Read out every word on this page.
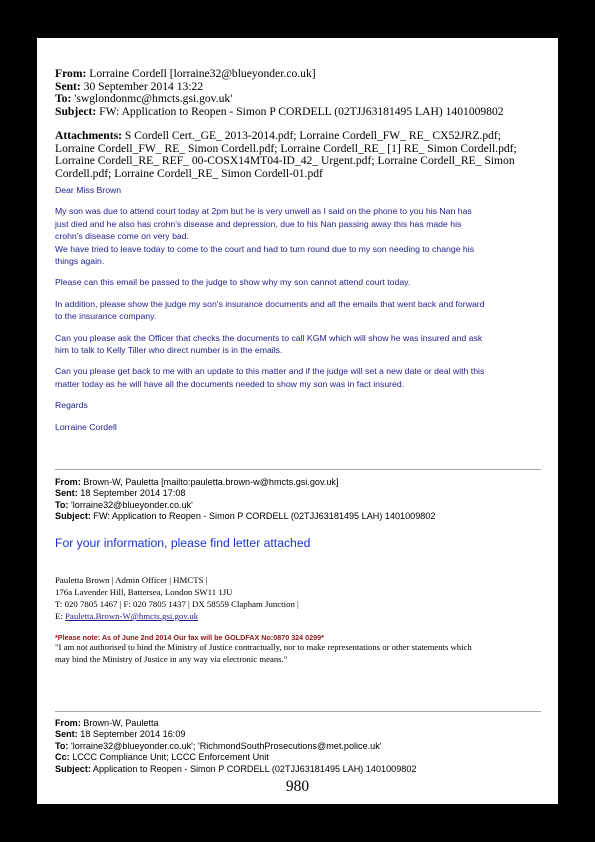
From: Lorraine Cordell [lorraine32@blueyonder.co.uk]
Sent: 30 September 2014 13:22
To: 'swglondonmc@hmcts.gsi.gov.uk'
Subject: FW: Application to Reopen - Simon P CORDELL (02TJJ63181495 LAH) 1401009802
Attachments: S Cordell Cert._GE_ 2013-2014.pdf; Lorraine Cordell_FW_ RE_ CX52JRZ.pdf;
Lorraine Cordell_FW_ RE_ Simon Cordell.pdf; Lorraine Cordell_RE_ [1] RE_ Simon Cordell.pdf;
Lorraine Cordell_RE_ REF_ 00-COSX14MT04-ID_42_ Urgent.pdf; Lorraine Cordell_RE_ Simon
Cordell.pdf; Lorraine Cordell_RE_ Simon Cordell-01.pdf

Dear Miss Brown

My son was due to attend court today at 2pm but he is very unwell as I said on the phone to you his Nan has

just died and he also has crohn's disease and depression, due to his Nan passing away this has made his

crohn's disease come on very bad.

We have tried to leave today to come to the court and had to turn round due to my son needing to change his

things again.

Please can this email be passed to the judge to show why my son cannot attend court today.

In addition, please show the judge my son's insurance documents and all the emails that went back and forward

to the insurance company.

Can you please ask the Officer that checks the documents to call KGM which will show he was insured and ask

him to talk to Kelly Tiller who direct number is in the emails.

Can you please get back to me with an update to this matter and if the judge will set a new date or deal with this

matter today as he will have all the documents needed to show my son was in fact insured.

Regards

Lorraine Cordell

From: Brown-W, Pauletta [mailto:pauletta.brown-w@hmcts.gsi.gov.uk]
Sent: 18 September 2014 17:08
To: 'lorraine32@blueyonder.co.uk'
Subject: FW: Application to Reopen - Simon P CORDELL (02TJJ63181495 LAH) 1401009802
For your information, please find letter attached
Pauletta Brown | Admin Officer | HMCTS |
176a Lavender Hill, Battersea, London SW11 1JU
T: 020 7805 1467 | F: 020 7805 1437 | DX 58559 Clapham Junction |
E: Pauletta.Brown-W@hmcts.gsi.gov.uk
*Please note: As of June 2nd 2014 Our fax will be GOLDFAX No:0870 324 0299*
"I am not authorised to bind the Ministry of Justice contractually, nor to make representations or other statements which
may bind the Ministry of Justice in any way via electronic means."
From: Brown-W, Pauletta
Sent: 18 September 2014 16:09
To: 'lorraine32@blueyonder.co.uk'; 'RichmondSouthProsecutions@met.police.uk'
Cc: LCCC Compliance Unit; LCCC Enforcement Unit
Subject: Application to Reopen - Simon P CORDELL (02TJJ63181495 LAH) 1401009802
980
